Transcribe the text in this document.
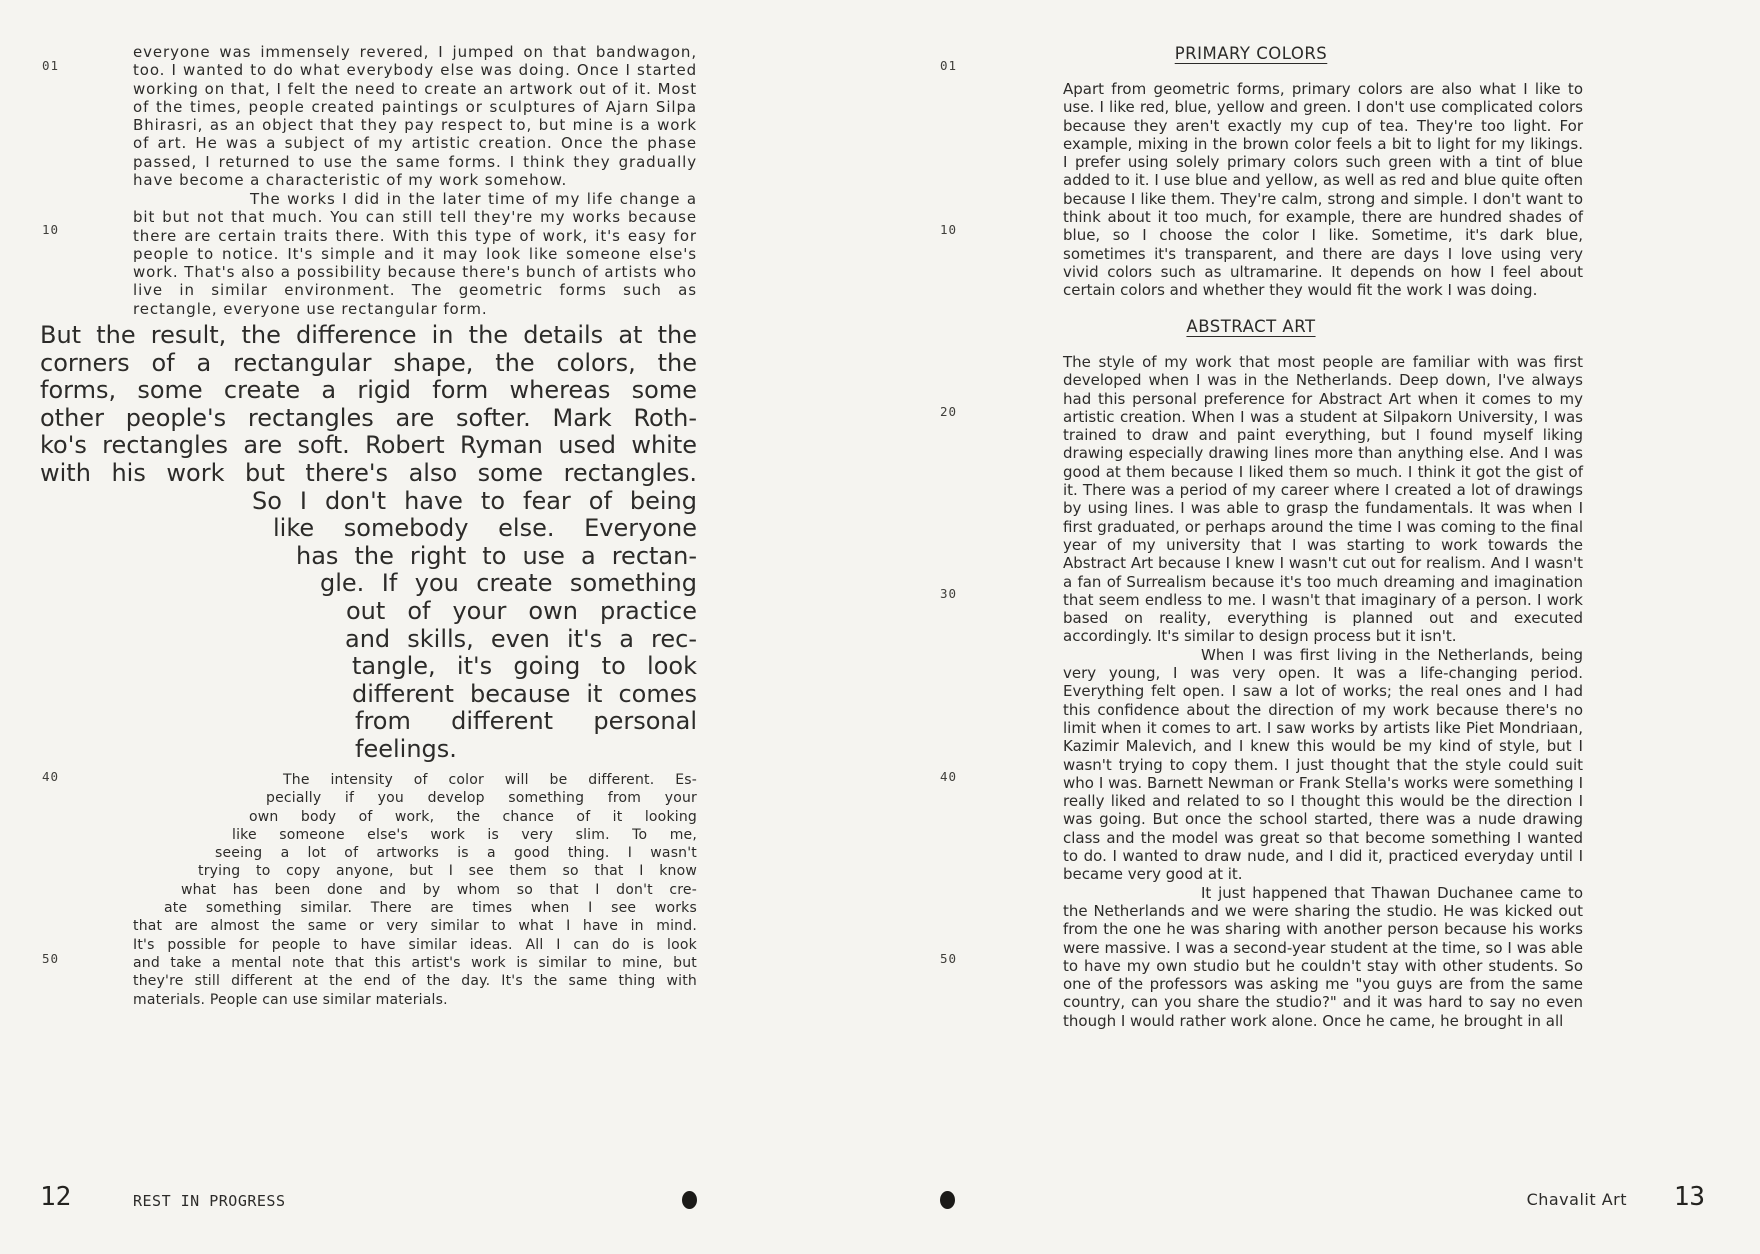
01
10
40
50
everyone was immensely revered, I jumped on that bandwagon, too. I wanted to do what everybody else was doing. Once I started working on that, I felt the need to create an artwork out of it. Most of the times, people created paintings or sculptures of Ajarn Silpa Bhirasri, as an object that they pay respect to, but mine is a work of art. He was a subject of my artistic creation. Once the phase passed, I returned to use the same forms. I think they gradually have become a characteristic of my work somehow.
The works I did in the later time of my life change a bit but not that much. You can still tell they're my works because there are certain traits there. With this type of work, it's easy for people to notice. It's simple and it may look like someone else's work. That's also a possibility because there's bunch of artists who live in similar environment. The geometric forms such as rectangle, everyone use rectangular form.
But the result, the difference in the details at the
corners of a rectangular shape, the colors, the
forms, some create a rigid form whereas some
other people's rectangles are softer. Mark Roth-
ko's rectangles are soft. Robert Ryman used white
with his work but there's also some rectangles.
So I don't have to fear of being
like somebody else. Everyone
has the right to use a rectan-
gle. If you create something
out of your own practice
and skills, even it's a rec-
tangle, it's going to look
different because it comes
from different personal
feelings.
The intensity of color will be different. Es-
pecially if you develop something from your
own body of work, the chance of it looking
like someone else's work is very slim. To me,
seeing a lot of artworks is a good thing. I wasn't
trying to copy anyone, but I see them so that I know
what has been done and by whom so that I don't cre-
ate something similar. There are times when I see works
that are almost the same or very similar to what I have in mind.
It's possible for people to have similar ideas. All I can do is look
and take a mental note that this artist's work is similar to mine, but
they're still different at the end of the day. It's the same thing with
materials. People can use similar materials.
12	REST IN PROGRESS
01
10
20
30
40
50
PRIMARY COLORS
Apart from geometric forms, primary colors are also what I like to use. I like red, blue, yellow and green. I don't use complicated colors because they aren't exactly my cup of tea. They're too light. For example, mixing in the brown color feels a bit to light for my likings. I prefer using solely primary colors such green with a tint of blue added to it. I use blue and yellow, as well as red and blue quite often because I like them. They're calm, strong and simple. I don't want to think about it too much, for example, there are hundred shades of blue, so I choose the color I like. Sometime, it's dark blue, sometimes it's transparent, and there are days I love using very vivid colors such as ultramarine. It depends on how I feel about certain colors and whether they would fit the work I was doing.
ABSTRACT ART
The style of my work that most people are familiar with was first developed when I was in the Netherlands. Deep down, I've always had this personal preference for Abstract Art when it comes to my artistic creation. When I was a student at Silpakorn University, I was trained to draw and paint everything, but I found myself liking drawing especially drawing lines more than anything else. And I was good at them because I liked them so much. I think it got the gist of it. There was a period of my career where I created a lot of drawings by using lines. I was able to grasp the fundamentals. It was when I first graduated, or perhaps around the time I was coming to the final year of my university that I was starting to work towards the Abstract Art because I knew I wasn't cut out for realism. And I wasn't a fan of Surrealism because it's too much dreaming and imagination that seem endless to me. I wasn't that imaginary of a person. I work based on reality, everything is planned out and executed accordingly. It's similar to design process but it isn't.
When I was first living in the Netherlands, being very young, I was very open. It was a life-changing period. Everything felt open. I saw a lot of works; the real ones and I had this confidence about the direction of my work because there's no limit when it comes to art. I saw works by artists like Piet Mondriaan, Kazimir Malevich, and I knew this would be my kind of style, but I wasn't trying to copy them. I just thought that the style could suit who I was. Barnett Newman or Frank Stella's works were something I really liked and related to so I thought this would be the direction I was going. But once the school started, there was a nude drawing class and the model was great so that become something I wanted to do. I wanted to draw nude, and I did it, practiced everyday until I became very good at it.
It just happened that Thawan Duchanee came to the Netherlands and we were sharing the studio. He was kicked out from the one he was sharing with another person because his works were massive. I was a second-year student at the time, so I was able to have my own studio but he couldn't stay with other students. So one of the professors was asking me "you guys are from the same country, can you share the studio?" and it was hard to say no even though I would rather work alone. Once he came, he brought in all
Chavalit Art	13
